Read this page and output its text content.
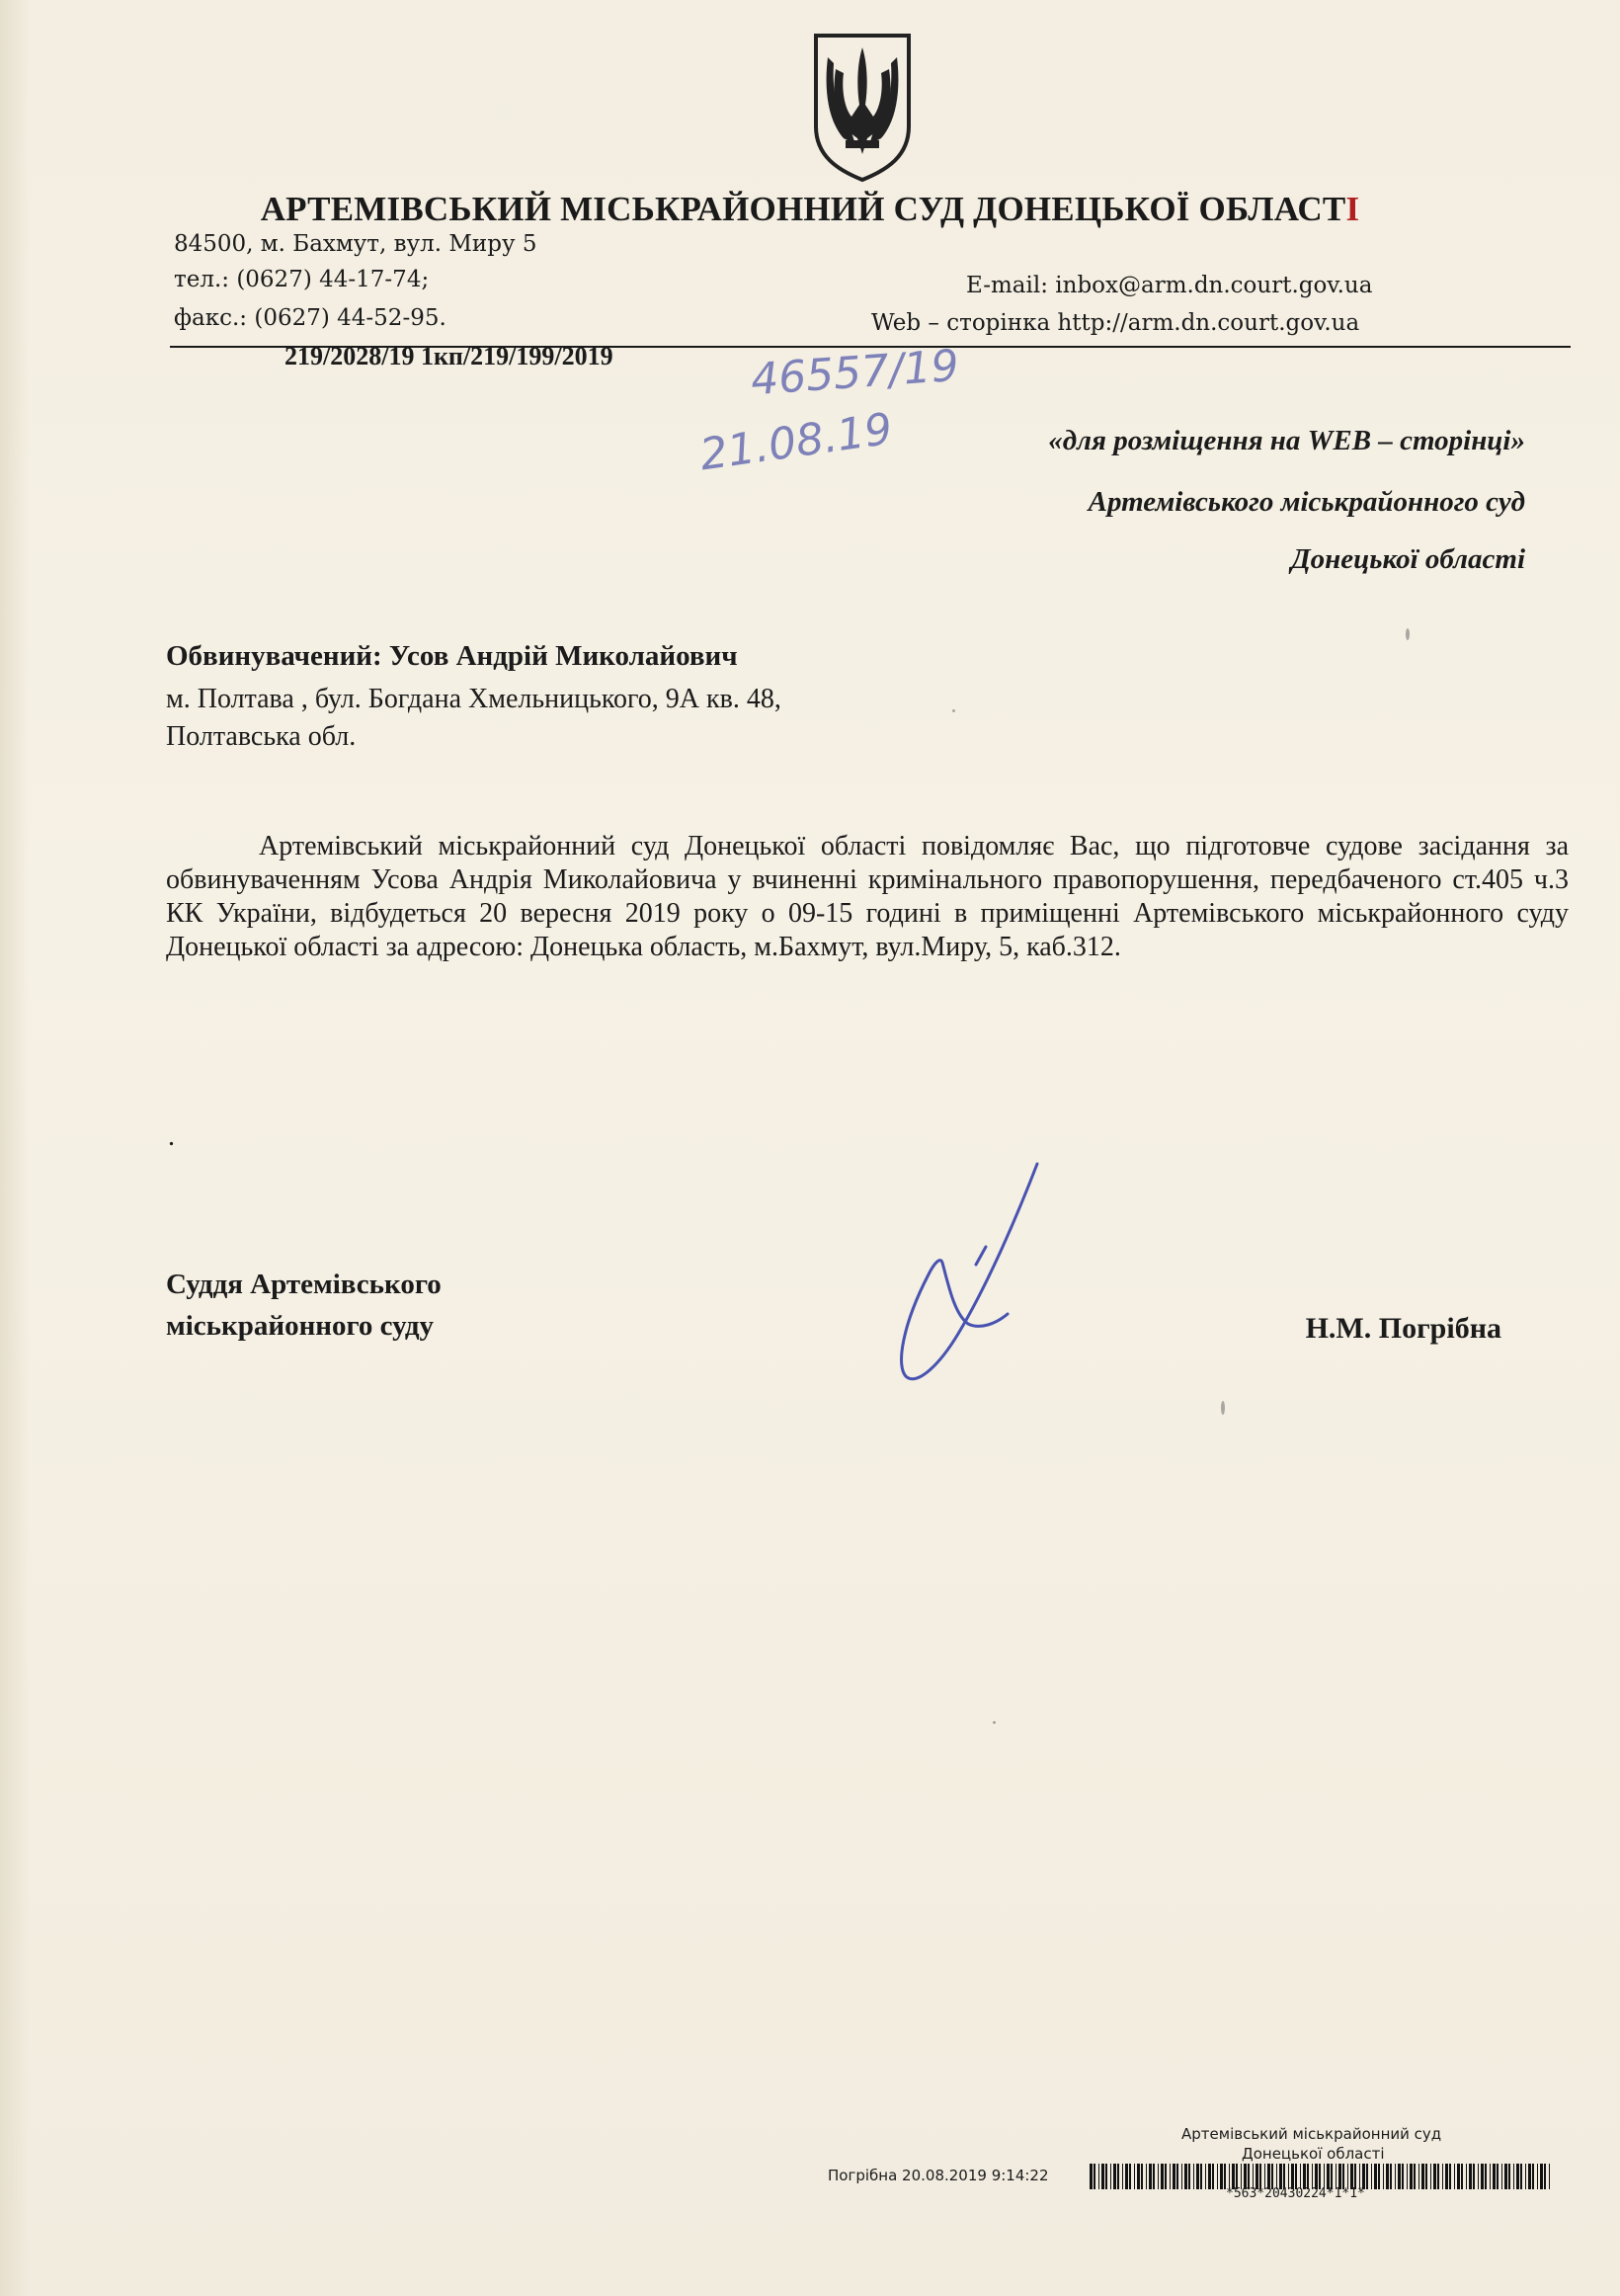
АРТЕМІВСЬКИЙ МІСЬКРАЙОННИЙ СУД ДОНЕЦЬКОЇ ОБЛАСТІ
84500, м. Бахмут, вул. Миру 5
тел.: (0627) 44-17-74;
факс.: (0627) 44-52-95.
E-mail: inbox@arm.dn.court.gov.ua
Web – сторінка http://arm.dn.court.gov.ua
219/2028/19 1кп/219/199/2019	46557/19
21.08.19	«для розміщення на WEB – сторінці»
Артемівського міськрайонного суд
Донецької області
Обвинувачений: Усов Андрій Миколайович
м. Полтава , бул. Богдана Хмельницького, 9А кв. 48,
Полтавська обл.
Артемівський міськрайонний суд Донецької області повідомляє Вас, що підготовче судове засідання за обвинуваченням Усова Андрія Миколайовича у вчиненні кримінального правопорушення, передбаченого ст.405 ч.3 КК України, відбудеться 20 вересня 2019 року о 09-15 годині в приміщенні Артемівського міськрайонного суду Донецької області за адресою: Донецька область, м.Бахмут, вул.Миру, 5, каб.312.
.
Суддя Артемівського
міськрайонного суду	Н.М. Погрібна
Артемівський міськрайонний суд
Донецької області
Погрібна 20.08.2019 9:14:22
*563*20430224*1*1*
